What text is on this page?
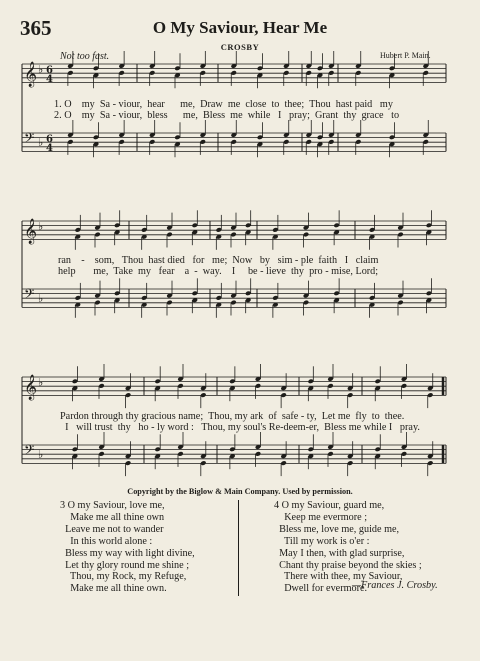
365	O My Saviour, Hear Me
CROSBY
Not too fast.	Hubert P. Main.
𝄞 ♭ 6
4
𝄢 ♭ 6
4
𝄞 ♭
𝄢 ♭
𝄞 ♭
𝄢 ♭
1. O    my  Sa - viour,  hear      me,  Draw  me  close  to  thee;  Thou  hast paid   my
2. O    my  Sa - viour,  bless      me,  Bless  me  while   I   pray;  Grant  thy  grace   to
ran    -    som,   Thou  hast died   for   me;  Now   by   sim - ple  faith   I   claim
help       me,  Take  my   fear    a  -  way.    I     be - lieve  thy  pro - mise, Lord;
Pardon through thy gracious name;  Thou, my ark  of  safe - ty,  Let me  fly  to  thee.
I   will trust  thy   ho - ly word :   Thou, my soul's Re-deem-er,  Bless me while I   pray.
Copyright by the Biglow & Main Company. Used by permission.
3 O my Saviour, love me,
Make me all thine own
Leave me not to wander
In this world alone :
Bless my way with light divine,
Let thy glory round me shine ;
Thou, my Rock, my Refuge,
Make me all thine own.
4 O my Saviour, guard me,
Keep me evermore ;
Bless me, love me, guide me,
Till my work is o'er :
May I then, with glad surprise,
Chant thy praise beyond the skies ;
There with thee, my Saviour,
Dwell for evermore.
—Frances J. Crosby.
